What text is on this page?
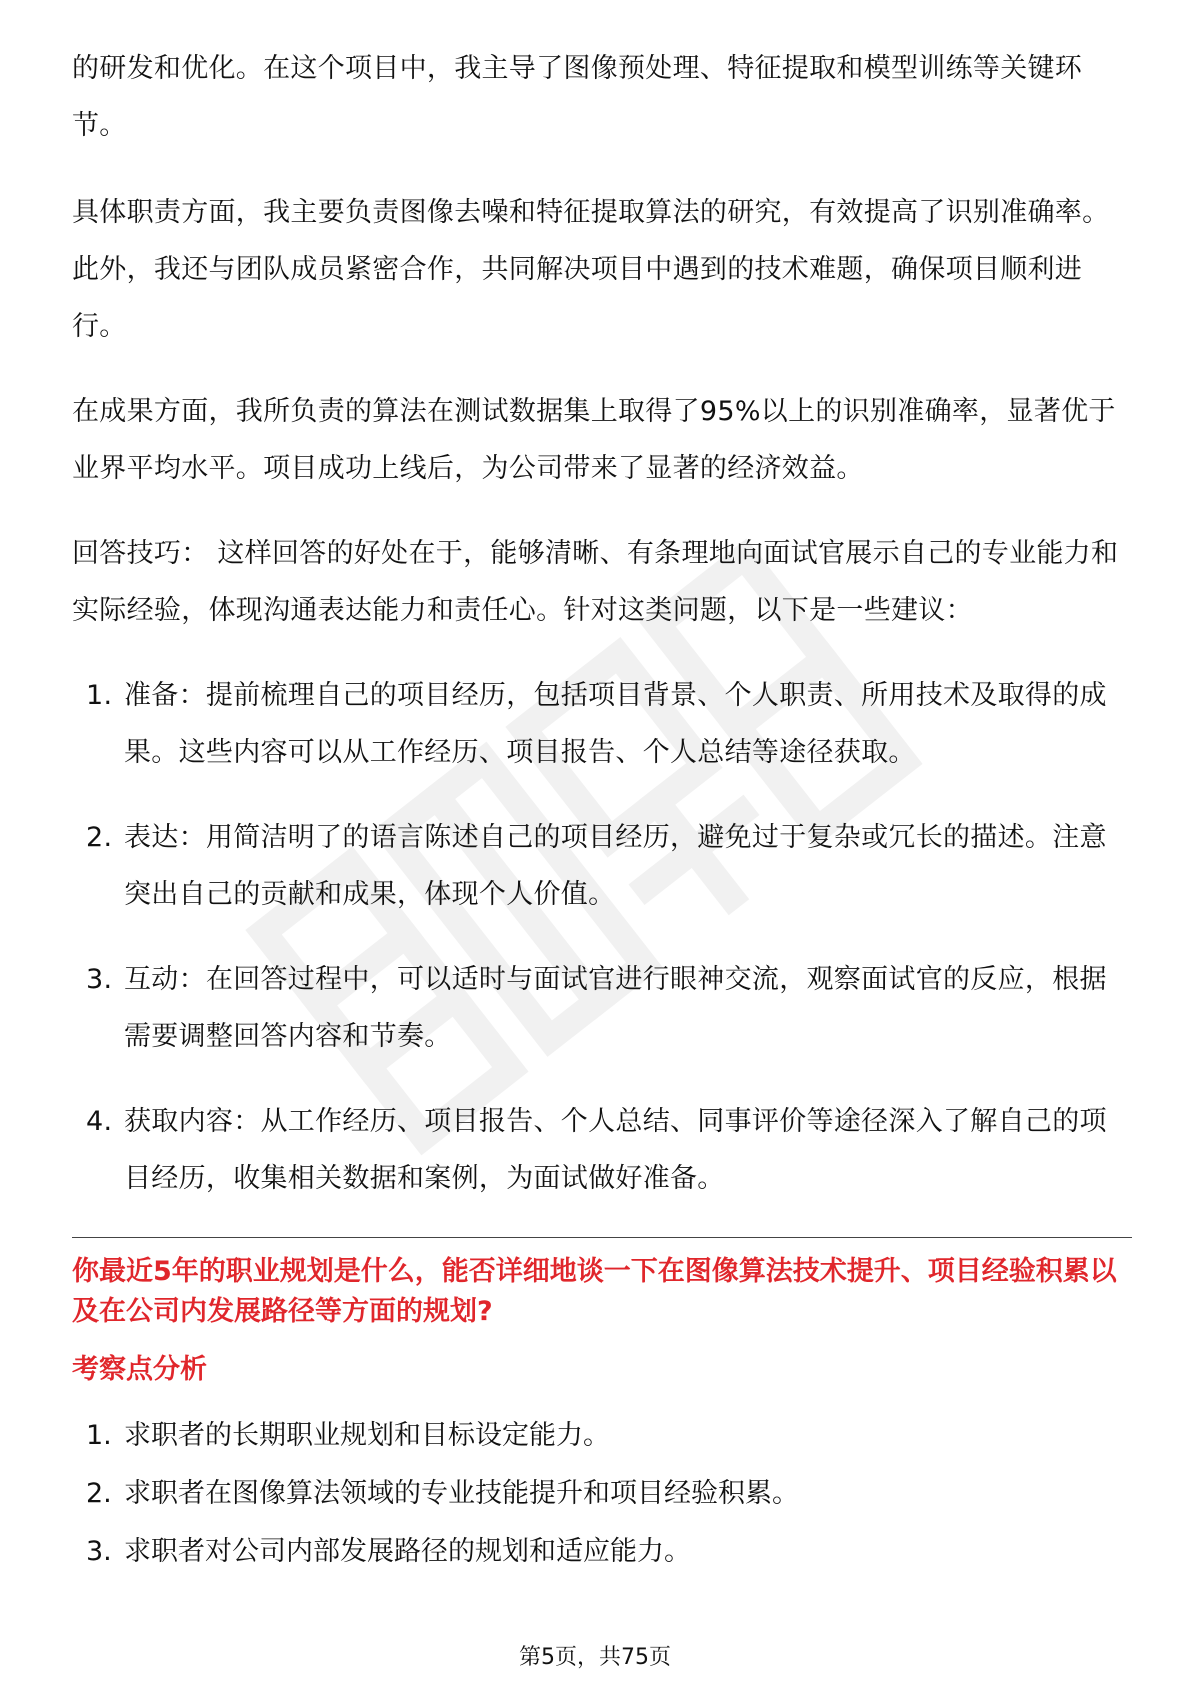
的研发和优化。在这个项目中，我主导了图像预处理、特征提取和模型训练等关键环节。

具体职责方面，我主要负责图像去噪和特征提取算法的研究，有效提高了识别准确率。此外，我还与团队成员紧密合作，共同解决项目中遇到的技术难题，确保项目顺利进行。

在成果方面，我所负责的算法在测试数据集上取得了95%以上的识别准确率，显著优于业界平均水平。项目成功上线后，为公司带来了显著的经济效益。

回答技巧： 这样回答的好处在于，能够清晰、有条理地向面试官展示自己的专业能力和实际经验，体现沟通表达能力和责任心。针对这类问题，以下是一些建议：

1. 准备：提前梳理自己的项目经历，包括项目背景、个人职责、所用技术及取得的成果。这些内容可以从工作经历、项目报告、个人总结等途径获取。
2. 表达：用简洁明了的语言陈述自己的项目经历，避免过于复杂或冗长的描述。注意突出自己的贡献和成果，体现个人价值。
3. 互动：在回答过程中，可以适时与面试官进行眼神交流，观察面试官的反应，根据需要调整回答内容和节奏。
4. 获取内容：从工作经历、项目报告、个人总结、同事评价等途径深入了解自己的项目经历，收集相关数据和案例，为面试做好准备。
你最近5年的职业规划是什么，能否详细地谈一下在图像算法技术提升、项目经验积累以及在公司内发展路径等方面的规划?
考察点分析
1. 求职者的长期职业规划和目标设定能力。
2. 求职者在图像算法领域的专业技能提升和项目经验积累。
3. 求职者对公司内部发展路径的规划和适应能力。
第5页，共75页
